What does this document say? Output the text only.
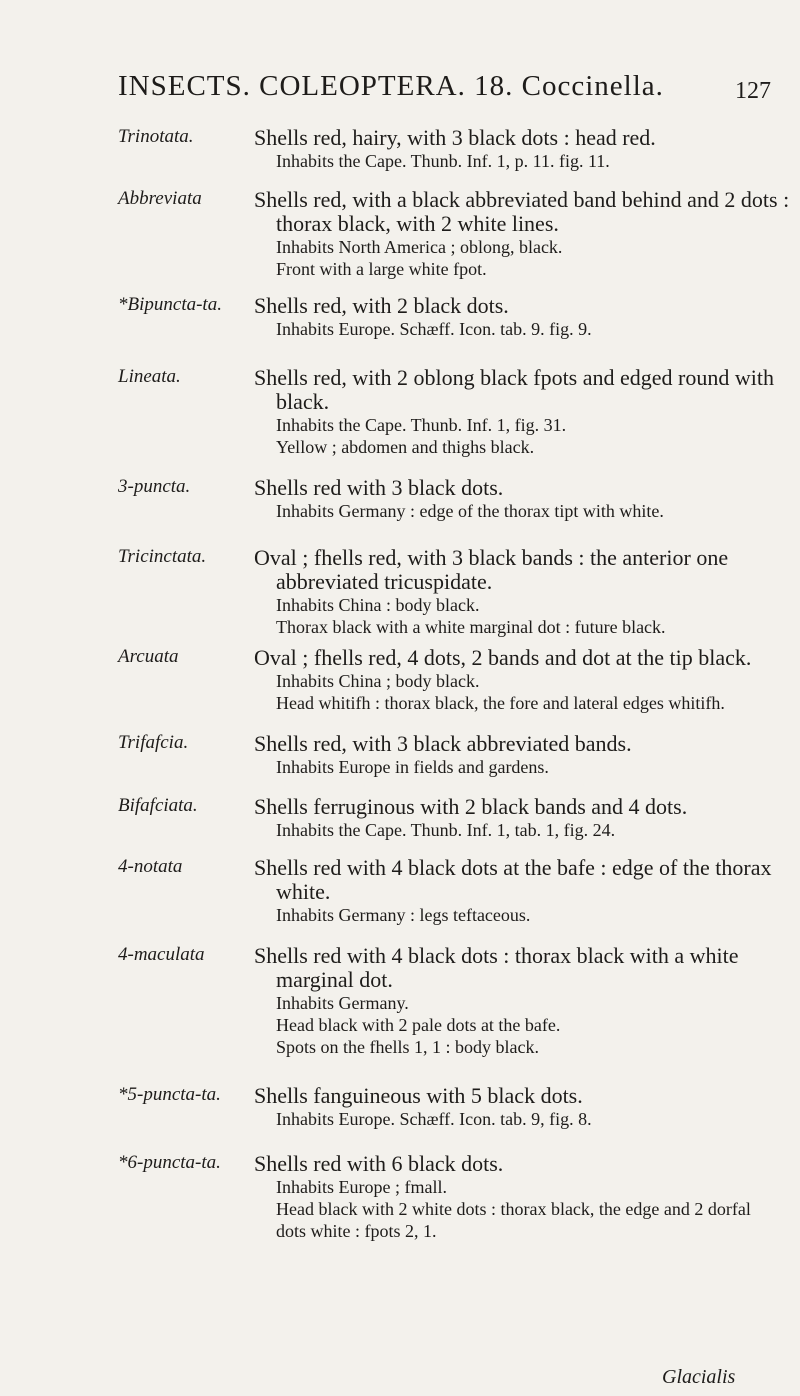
INSECTS. COLEOPTERA. 18. Coccinella.	127
Trinotata.	Shells red, hairy, with 3 black dots : head red.
Inhabits the Cape. Thunb. Inf. 1, p. 11. fig. 11.
Abbreviata	Shells red, with a black abbreviated band behind and 2 dots :
thorax black, with 2 white lines.
Inhabits North America ; oblong, black.
Front with a large white fpot.
*Bipuncta-ta.	Shells red, with 2 black dots.
Inhabits Europe. Schæff. Icon. tab. 9. fig. 9.
Lineata.	Shells red, with 2 oblong black fpots and edged round with
black.
Inhabits the Cape. Thunb. Inf. 1, fig. 31.
Yellow ; abdomen and thighs black.
3-puncta.	Shells red with 3 black dots.
Inhabits Germany : edge of the thorax tipt with white.
Tricinctata.	Oval ; fhells red, with 3 black bands : the anterior one
abbreviated tricuspidate.
Inhabits China : body black.
Thorax black with a white marginal dot : future black.
Arcuata	Oval ; fhells red, 4 dots, 2 bands and dot at the tip black.
Inhabits China ; body black.
Head whitifh : thorax black, the fore and lateral edges whitifh.
Trifafcia.	Shells red, with 3 black abbreviated bands.
Inhabits Europe in fields and gardens.
Bifafciata.	Shells ferruginous with 2 black bands and 4 dots.
Inhabits the Cape. Thunb. Inf. 1, tab. 1, fig. 24.
4-notata	Shells red with 4 black dots at the bafe : edge of the thorax
white.
Inhabits Germany : legs teftaceous.
4-maculata	Shells red with 4 black dots : thorax black with a white
marginal dot.
Inhabits Germany.
Head black with 2 pale dots at the bafe.
Spots on the fhells 1, 1 : body black.
*5-puncta-ta.	Shells fanguineous with 5 black dots.
Inhabits Europe. Schæff. Icon. tab. 9, fig. 8.
*6-puncta-ta.	Shells red with 6 black dots.
Inhabits Europe ; fmall.
Head black with 2 white dots : thorax black, the edge and 2 dorfal
dots white : fpots 2, 1.
Glacialis
